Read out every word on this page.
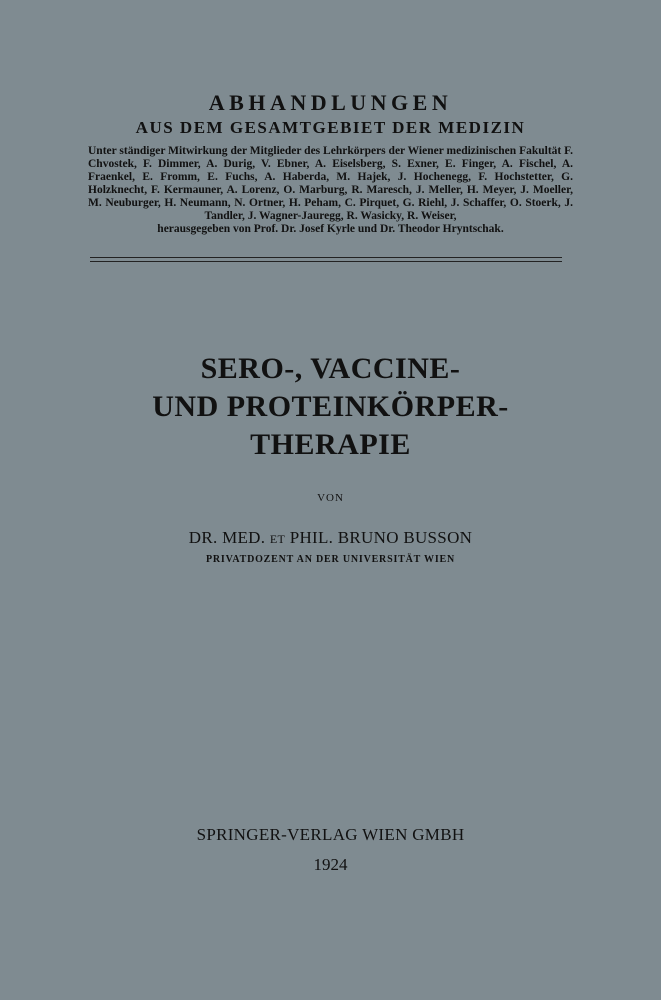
ABHANDLUNGEN
AUS DEM GESAMTGEBIET DER MEDIZIN
Unter ständiger Mitwirkung der Mitglieder des Lehrkörpers der Wiener medizinischen Fakultät F. Chvostek, F. Dimmer, A. Durig, V. Ebner, A. Eiselsberg, S. Exner, E. Finger, A. Fischel, A. Fraenkel, E. Fromm, E. Fuchs, A. Haberda, M. Hajek, J. Hochenegg, F. Hochstetter, G. Holzknecht, F. Kermauner, A. Lorenz, O. Marburg, R. Maresch, J. Meller, H. Meyer, J. Moeller, M. Neuburger, H. Neumann, N. Ortner, H. Peham, C. Pirquet, G. Riehl, J. Schaffer, O. Stoerk, J. Tandler, J. Wagner-Jauregg, R. Wasicky, R. Weiser,
herausgegeben von Prof. Dr. Josef Kyrle und Dr. Theodor Hryntschak.
SERO-, VACCINE-
UND PROTEINKÖRPER-
THERAPIE
VON
DR. MED. ET PHIL. BRUNO BUSSON
PRIVATDOZENT AN DER UNIVERSITÄT WIEN
SPRINGER-VERLAG WIEN GMBH
1924
